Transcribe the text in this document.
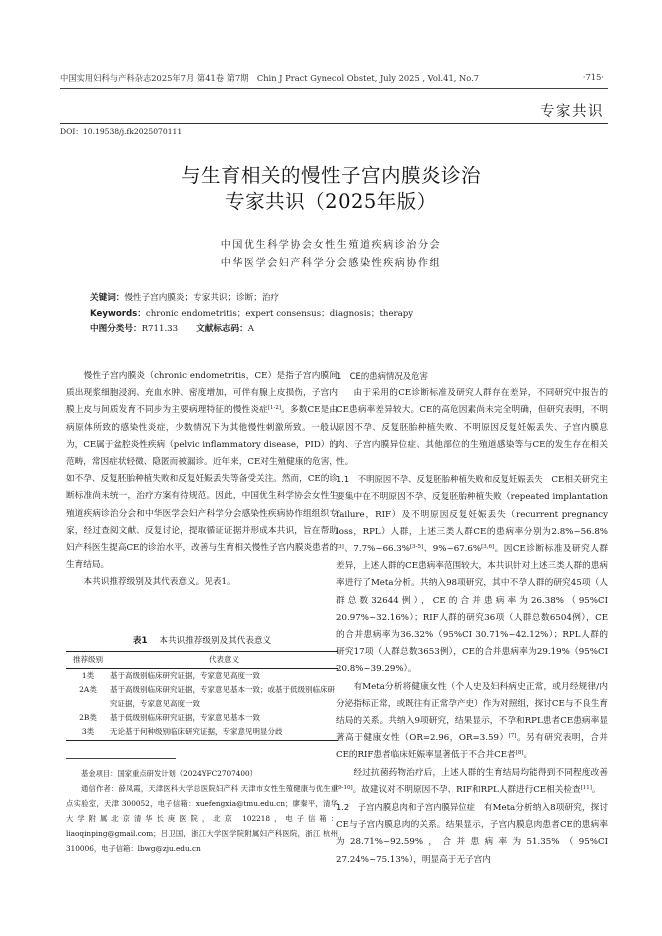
中国实用妇科与产科杂志2025年7月 第41卷 第7期　Chin J Pract Gynecol Obstet, July 2025 , Vol.41, No.7	·715·
专家共识
DOI：10.19538/j.fk2025070111
与生育相关的慢性子宫内膜炎诊治
专家共识（2025年版）
中国优生科学协会女性生殖道疾病诊治分会
中华医学会妇产科学分会感染性疾病协作组
关键词：慢性子宫内膜炎；专家共识；诊断；治疗
Keywords：chronic endometritis；expert consensus；diagnosis；therapy
中图分类号：R711.33 文献标志码：A

慢性子宫内膜炎（chronic endometritis，CE）是指子宫内膜间质出现浆细胞浸润、充血水肿、密度增加，可伴有腺上皮损伤，子宫内膜上皮与间质发育不同步为主要病理特征的慢性炎症[1-2]。多数CE是由病原体所致的感染性炎症，少数情况下为其他慢性刺激所致。一般认为，CE属于盆腔炎性疾病（pelvic inflammatory disease，PID）的范畴，常因症状轻微、隐匿而被漏诊。近年来，CE对生殖健康的危害，如不孕、反复胚胎种植失败和反复妊娠丢失等备受关注。然而，CE的诊断标准尚未统一，治疗方案有待规范。因此，中国优生科学协会女性生殖道疾病诊治分会和中华医学会妇产科学分会感染性疾病协作组组织专家，经过查阅文献、反复讨论，提取循证证据并形成本共识，旨在帮助妇产科医生提高CE的诊治水平，改善与生育相关慢性子宫内膜炎患者的生育结局。

本共识推荐级别及其代表意义。见表1。

表1 本共识推荐级别及其代表意义
推荐级别	代表意义
1类	基于高级别临床研究证据，专家意见高度一致
2A类	基于高级别临床研究证据，专家意见基本一致；或基于低级别临床研究证据，专家意见高度一致
2B类	基于低级别临床研究证据，专家意见基本一致
3类	无论基于何种级别临床研究证据，专家意见明显分歧

基金项目：国家重点研发计划（2024YFC2707400）

通信作者：薛凤霞，天津医科大学总医院妇产科 天津市女性生殖健康与优生重点实验室，天津 300052，电子信箱：xuefengxia@tmu.edu.cn；廖秦平，清华大学附属北京清华长庚医院，北京 102218，电子信箱：liaoqinping@gmail.com；吕卫国，浙江大学医学院附属妇产科医院，浙江 杭州 310006，电子信箱：lbwg@zju.edu.cn

1　CE的患病情况及危害

由于采用的CE诊断标准及研究人群存在差异，不同研究中报告的CE患病率差异较大。CE的高危因素尚未完全明确，但研究表明，不明原因不孕、反复胚胎种植失败、不明原因反复妊娠丢失、子宫内膜息肉、子宫内膜异位症、其他部位的生殖道感染等与CE的发生存在相关性。

1.1　不明原因不孕、反复胚胎种植失败和反复妊娠丢失　 CE相关研究主要集中在不明原因不孕、反复胚胎种植失败（repeated implantation failure，RIF）及不明原因反复妊娠丢失（recurrent pregnancy loss，RPL）人群，上述三类人群CE的患病率分别为2.8%~56.8%[3]、7.7%~66.3%[3-5]、9%~67.6%[3,6]。因CE诊断标准及研究人群差异，上述人群的CE患病率范围较大，本共识针对上述三类人群的患病率进行了Meta分析。共纳入98项研究，其中不孕人群的研究45项（人群总数32644例），CE的合并患病率为26.38%（95%CI 20.97%~32.16%）；RIF人群的研究36项（人群总数6504例），CE的合并患病率为36.32%（95%CI 30.71%~42.12%）；RPL人群的研究17项（人群总数3653例），CE的合并患病率为29.19%（95%CI 20.8%~39.29%）。

有Meta分析将健康女性（个人史及妇科病史正常，或月经规律/内分泌指标正常，或既往有正常孕产史）作为对照组，探讨CE与不良生育结局的关系。共纳入9项研究，结果显示，不孕和RPL患者CE患病率显著高于健康女性（OR=2.96，OR=3.59）[7]。另有研究表明，合并CE的RIF患者临床妊娠率显著低于不合并CE者[8]。

经过抗菌药物治疗后，上述人群的生育结局均能得到不同程度改善[9-10]。故建议对不明原因不孕、RIF和RPL人群进行CE相关检查[11]。

1.2　子宫内膜息肉和子宫内膜异位症　 有Meta分析纳入8项研究，探讨CE与子宫内膜息肉的关系。结果显示，子宫内膜息肉患者CE的患病率为28.71%~92.59%，合并患病率为51.35%（95%CI 27.24%~75.13%），明显高于无子宫内
